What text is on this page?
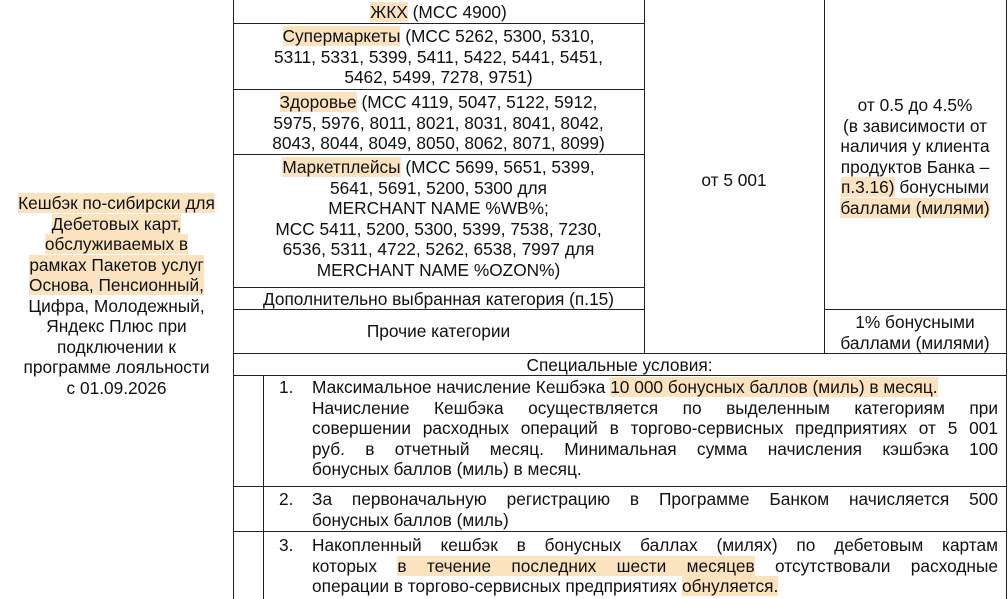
Кешбэк по-сибирски для
Дебетовых карт,
обслуживаемых в
рамках Пакетов услуг
Основа, Пенсионный,
Цифра, Молодежный,
Яндекс Плюс при
подключении к
программе лояльности
с 01.09.2026
ЖКХ (MCC 4900)
Супермаркеты (MCC 5262, 5300, 5310,
5311, 5331, 5399, 5411, 5422, 5441, 5451,
5462, 5499, 7278, 9751)
Здоровье (MCC 4119, 5047, 5122, 5912,
5975, 5976, 8011, 8021, 8031, 8041, 8042,
8043, 8044, 8049, 8050, 8062, 8071, 8099)
Маркетплейсы (MCC 5699, 5651, 5399,
5641, 5691, 5200, 5300 для
MERCHANT NAME %WB%;
MCC 5411, 5200, 5300, 5399, 7538, 7230,
6536, 5311, 4722, 5262, 6538, 7997 для
MERCHANT NAME %OZON%)
Дополнительно выбранная категория (п.15)
Прочие категории
от 5 001
от 0.5 до 4.5%
(в зависимости от
наличия у клиента
продуктов Банка –
п.3.16) бонусными
баллами (милями)
1% бонусными
баллами (милями)
Специальные условия:
1. Максимальное начисление Кешбэка 10 000 бонусных баллов (миль) в месяц.
Начисление Кешбэка осуществляется по выделенным категориям при
совершении расходных операций в торгово-сервисных предприятиях от 5 001
руб. в отчетный месяц. Минимальная сумма начисления кэшбэка 100
бонусных баллов (миль) в месяц.
2. За первоначальную регистрацию в Программе Банком начисляется 500
бонусных баллов (миль)
3. Накопленный кешбэк в бонусных баллах (милях) по дебетовым картам
которых в течение последних шести месяцев отсутствовали расходные
операции в торгово-сервисных предприятиях обнуляется.
